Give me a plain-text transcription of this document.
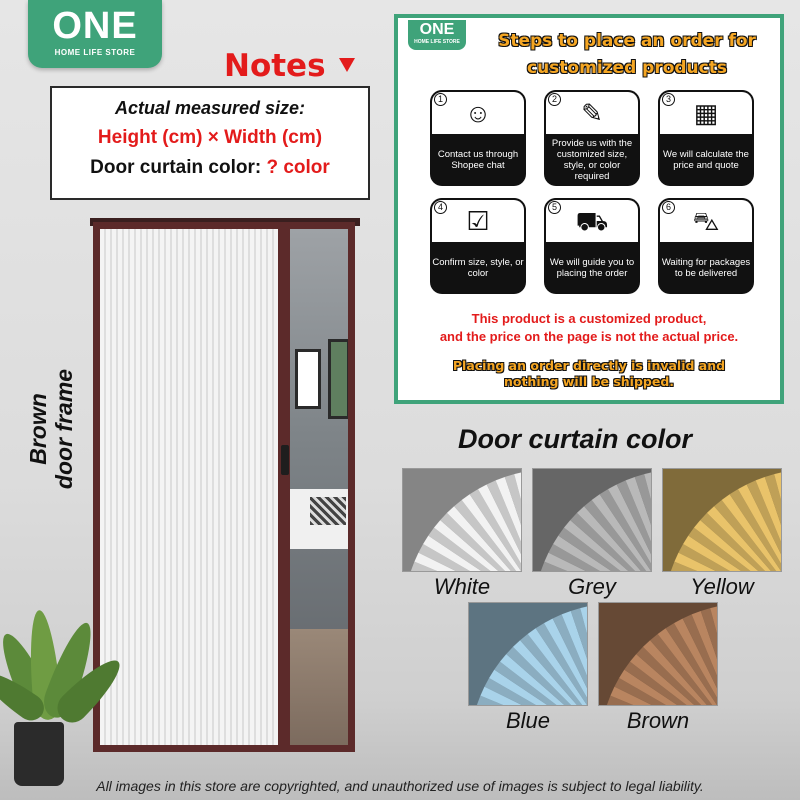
ONE
HOME LIFE STORE	Notes
Actual measured size:
Height (cm) × Width (cm)
Door curtain color: ? color
Brown door frame
ONE
HOME LIFE STORE	Steps to place an order for
customized products
1 ☺
Contact us through Shopee chat
2 ✎
Provide us with the customized size, style, or color required
3 ▦
We will calculate the price and quote
4 ☑
Confirm size, style, or color
5 ⛟
We will guide you to placing the order
6 ⛍
Waiting for packages to be delivered
This product is a customized product,
and the price on the page is not the actual price.
Placing an order directly is invalid and
nothing will be shipped.
Door curtain color
White	Grey	Yellow
Blue	Brown
All images in this store are copyrighted, and unauthorized use of images is subject to legal liability.
